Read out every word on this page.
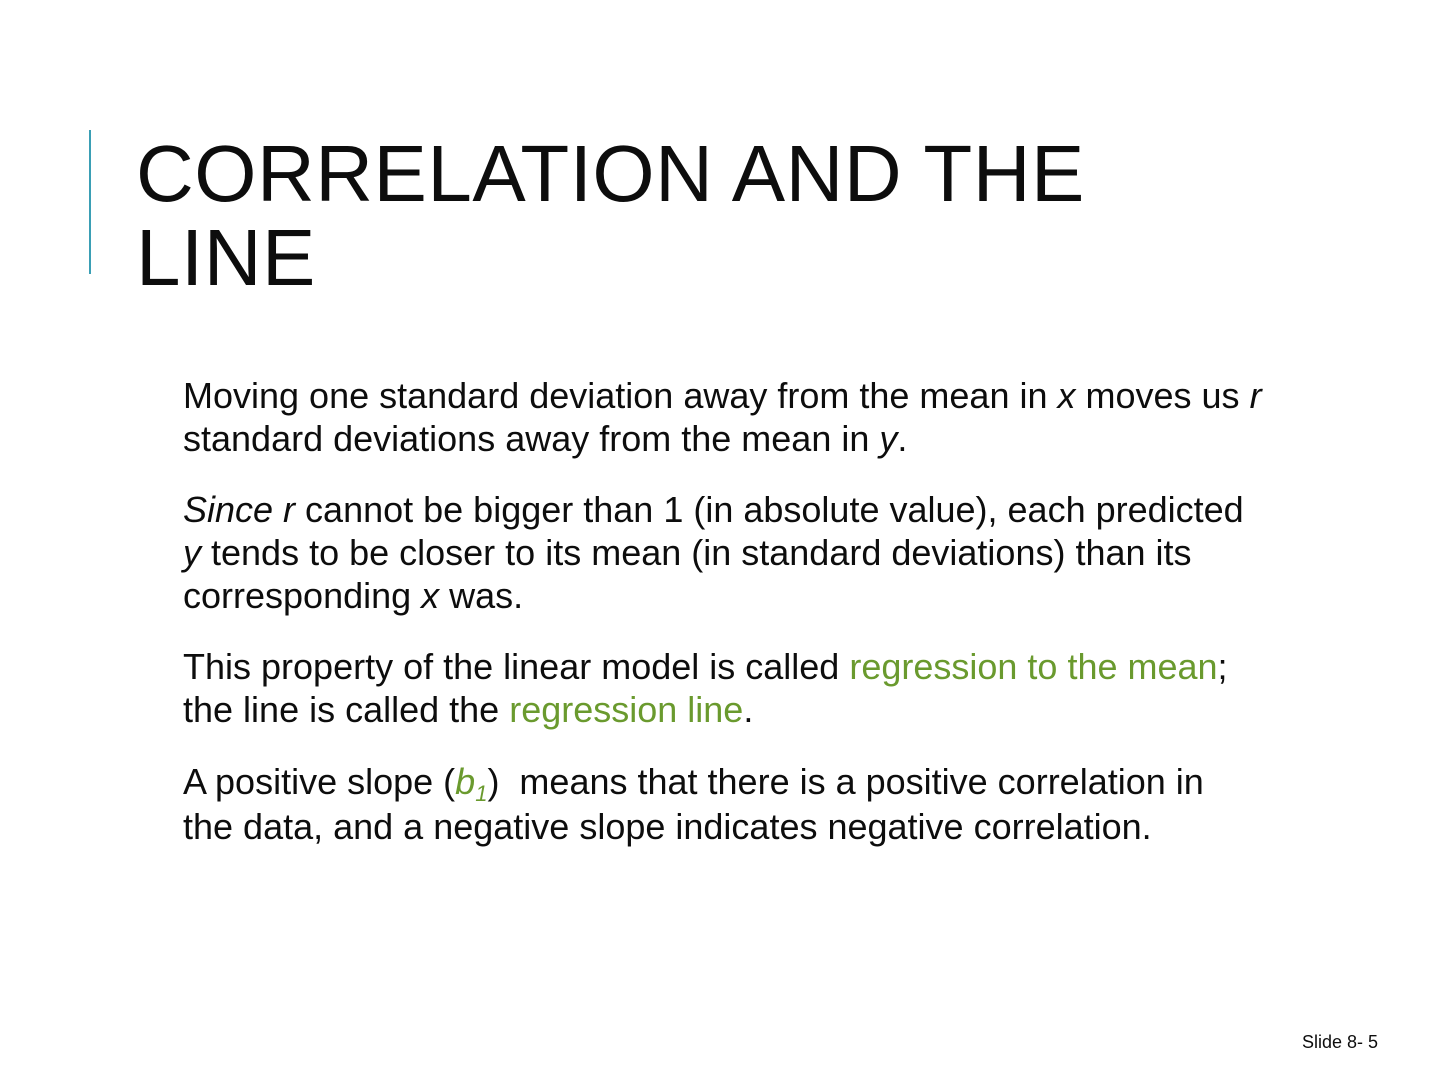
CORRELATION AND THE
LINE

Moving one standard deviation away from the mean in x moves us r standard deviations away from the mean in y.

Since r cannot be bigger than 1 (in absolute value), each predicted y tends to be closer to its mean (in standard deviations) than its corresponding x was.

This property of the linear model is called regression to the mean; the line is called the regression line.

A positive slope $(b_1)$  means that there is a positive correlation in the data, and a negative slope indicates negative correlation.

Slide 8- 5
